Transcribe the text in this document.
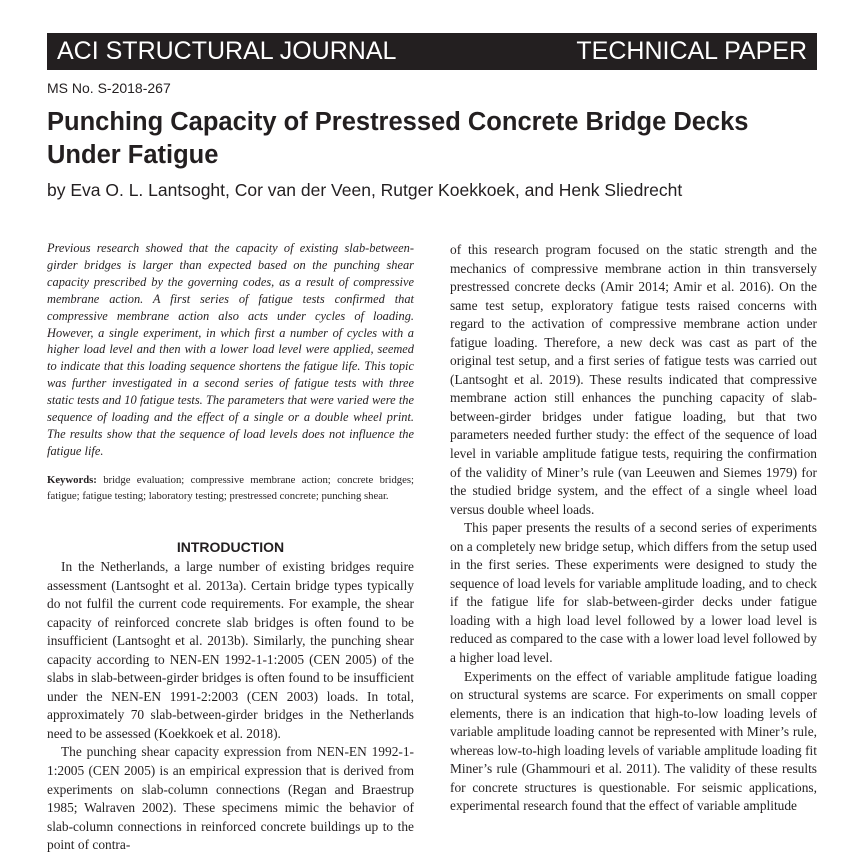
ACI STRUCTURAL JOURNAL	TECHNICAL PAPER
MS No. S-2018-267
Punching Capacity of Prestressed Concrete Bridge Decks Under Fatigue
by Eva O. L. Lantsoght, Cor van der Veen, Rutger Koekkoek, and Henk Sliedrecht

Previous research showed that the capacity of existing slab-between-girder bridges is larger than expected based on the punching shear capacity prescribed by the governing codes, as a result of compressive membrane action. A first series of fatigue tests confirmed that compressive membrane action also acts under cycles of loading. However, a single experiment, in which first a number of cycles with a higher load level and then with a lower load level were applied, seemed to indicate that this loading sequence shortens the fatigue life. This topic was further investigated in a second series of fatigue tests with three static tests and 10 fatigue tests. The parameters that were varied were the sequence of loading and the effect of a single or a double wheel print. The results show that the sequence of load levels does not influence the fatigue life.

Keywords: bridge evaluation; compressive membrane action; concrete bridges; fatigue; fatigue testing; laboratory testing; prestressed concrete; punching shear.

INTRODUCTION

In the Netherlands, a large number of existing bridges require assessment (Lantsoght et al. 2013a). Certain bridge types typically do not fulfil the current code requirements. For example, the shear capacity of reinforced concrete slab bridges is often found to be insufficient (Lantsoght et al. 2013b). Similarly, the punching shear capacity according to NEN-EN 1992-1-1:2005 (CEN 2005) of the slabs in slab-between-girder bridges is often found to be insufficient under the NEN-EN 1991-2:2003 (CEN 2003) loads. In total, approximately 70 slab-between-girder bridges in the Netherlands need to be assessed (Koekkoek et al. 2018).

The punching shear capacity expression from NEN-EN 1992-1-1:2005 (CEN 2005) is an empirical expression that is derived from experiments on slab-column connections (Regan and Braestrup 1985; Walraven 2002). These specimens mimic the behavior of slab-column connections in reinforced concrete buildings up to the point of contra-

of this research program focused on the static strength and the mechanics of compressive membrane action in thin transversely prestressed concrete decks (Amir 2014; Amir et al. 2016). On the same test setup, exploratory fatigue tests raised concerns with regard to the activation of compressive membrane action under fatigue loading. Therefore, a new deck was cast as part of the original test setup, and a first series of fatigue tests was carried out (Lantsoght et al. 2019). These results indicated that compressive membrane action still enhances the punching capacity of slab-between-girder bridges under fatigue loading, but that two parameters needed further study: the effect of the sequence of load level in variable amplitude fatigue tests, requiring the confirmation of the validity of Miner’s rule (van Leeuwen and Siemes 1979) for the studied bridge system, and the effect of a single wheel load versus double wheel loads.

This paper presents the results of a second series of experiments on a completely new bridge setup, which differs from the setup used in the first series. These experiments were designed to study the sequence of load levels for variable amplitude loading, and to check if the fatigue life for slab-between-girder decks under fatigue loading with a high load level followed by a lower load level is reduced as compared to the case with a lower load level followed by a higher load level.

Experiments on the effect of variable amplitude fatigue loading on structural systems are scarce. For experiments on small copper elements, there is an indication that high-to-low loading levels of variable amplitude loading cannot be represented with Miner’s rule, whereas low-to-high loading levels of variable amplitude loading fit Miner’s rule (Ghammouri et al. 2011). The validity of these results for concrete structures is questionable. For seismic applications, experimental research found that the effect of variable amplitude
